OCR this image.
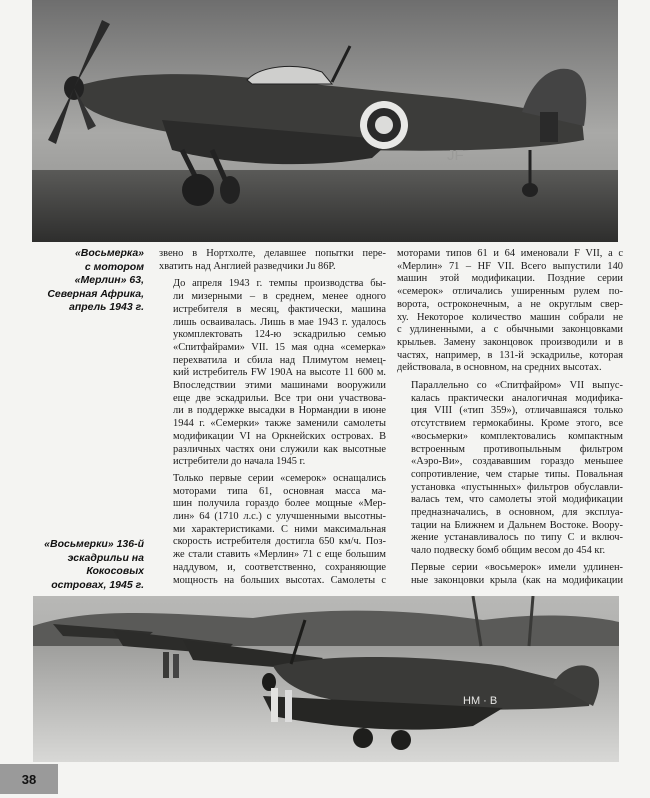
JF
«Восьмерка»
с мотором
«Мерлин» 63,
Северная Африка,
апрель 1943 г.
«Восьмерки» 136-й
эскадрильи на
Кокосовых
островах, 1945 г.

звено в Нортхолте, делавшее попытки пере-
хватить над Англией разведчики Ju 86P.

До апреля 1943 г. темпы производства бы-
ли мизерными – в среднем, менее одного
истребителя в месяц, фактически, машина
лишь осваивалась. Лишь в мае 1943 г. удалось
укомплектовать 124-ю эскадрилью семью
«Спитфайрами» VII. 15 мая одна «семерка»
перехватила и сбила над Плимутом немец-
кий истребитель FW 190A на высоте 11 600 м.
Впоследствии этими машинами вооружили
еще две эскадрильи. Все три они участвова-
ли в поддержке высадки в Нормандии в июне
1944 г. «Семерки» также заменили самолеты
модификации VI на Оркнейских островах. В
различных частях они служили как высотные
истребители до начала 1945 г.

Только первые серии «семерок» оснащались
моторами типа 61, основная масса ма-
шин получила гораздо более мощные «Мер-
лин» 64 (1710 л.с.) с улучшенными высотны-
ми характеристиками. С ними максимальная
скорость истребителя достигла 650 км/ч. Поз-
же стали ставить «Мерлин» 71 с еще большим
наддувом, и, соответственно, сохраняющие
мощность на больших высотах. Самолеты с

моторами типов 61 и 64 именовали F VII, а с
«Мерлин» 71 – HF VII. Всего выпустили 140
машин этой модификации. Поздние серии
«семерок» отличались уширенным рулем по-
ворота, остроконечным, а не округлым свер-
ху. Некоторое количество машин собрали не
с удлиненными, а с обычными законцовками
крыльев. Замену законцовок производили и в
частях, например, в 131-й эскадрилье, которая
действовала, в основном, на средних высотах.

Параллельно со «Спитфайром» VII выпус-
калась практически аналогичная модифика-
ция VIII («тип 359»), отличавшаяся только
отсутствием гермокабины. Кроме этого, все
«восьмерки» комплектовались компактным
встроенным противопыльным фильтром
«Аэро-Ви», создававшим гораздо меньшее
сопротивление, чем старые типы. Повальная
установка «пустынных» фильтров обуславли-
валась тем, что самолеты этой модификации
предназначались, в основном, для эксплуа-
тации на Ближнем и Дальнем Востоке. Воору-
жение устанавливалось по типу С и включ-
чало подвеску бомб общим весом до 454 кг.

Первые серии «восьмерок» имели удлинен-
ные законцовки крыла (как на модификации

HM · B
38
